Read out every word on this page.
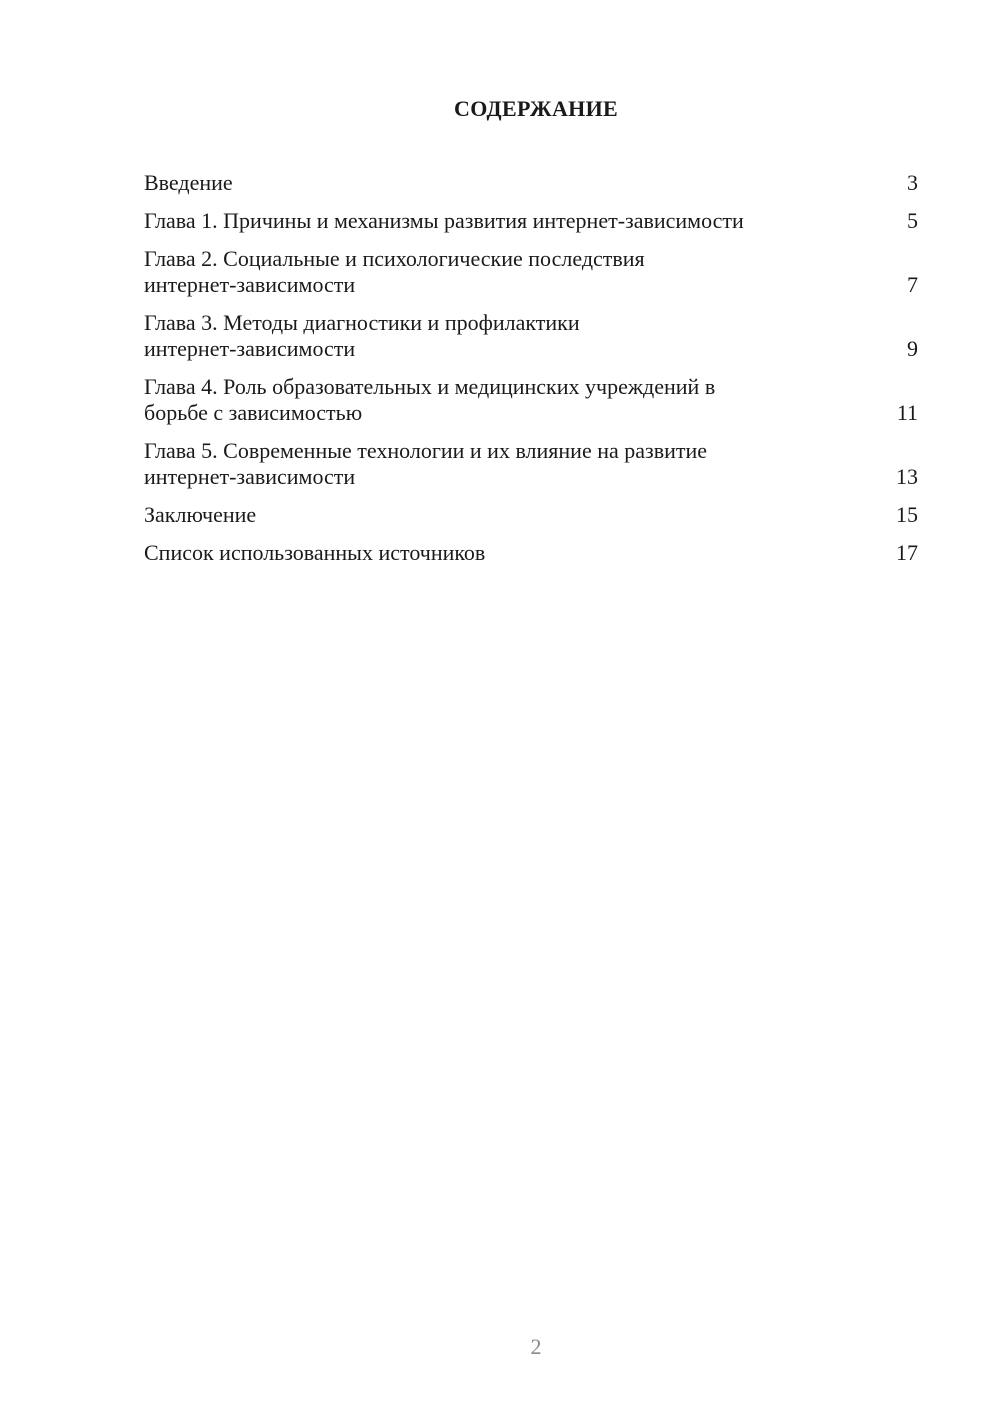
СОДЕРЖАНИЕ
Введение	3
Глава 1. Причины и механизмы развития интернет-зависимости	5
Глава 2. Социальные и психологические последствия
интернет-зависимости	7
Глава 3. Методы диагностики и профилактики
интернет-зависимости	9
Глава 4. Роль образовательных и медицинских учреждений в
борьбе с зависимостью	11
Глава 5. Современные технологии и их влияние на развитие
интернет-зависимости	13
Заключение	15
Список использованных источников	17
2
